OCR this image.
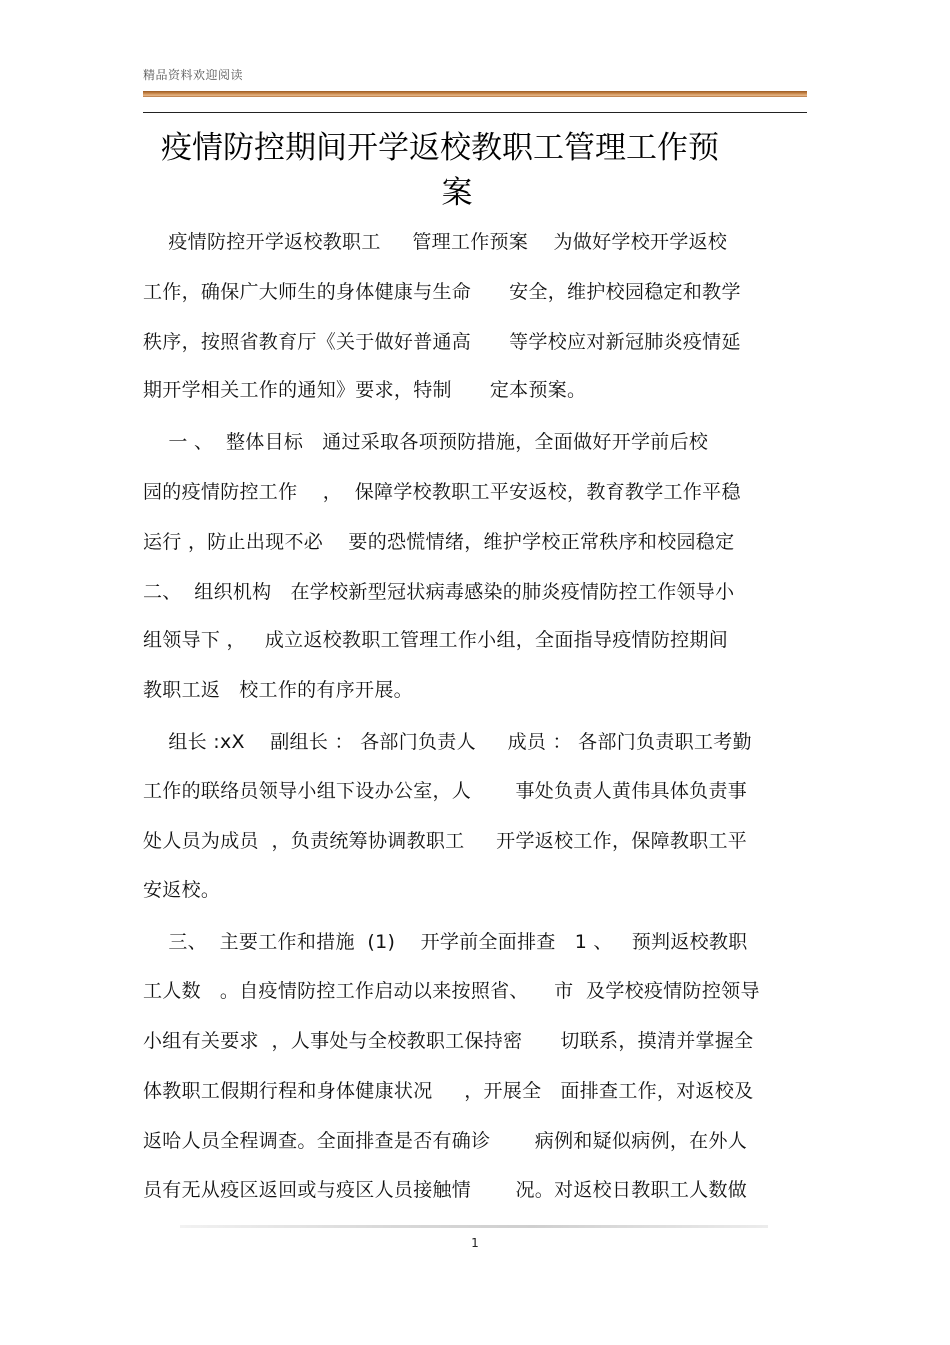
精品资料欢迎阅读
疫情防控期间开学返校教职工管理工作预
案
疫情防控开学返校教职工     管理工作预案    为做好学校开学返校
工作，确保广大师生的身体健康与生命      安全，维护校园稳定和教学
秩序，按照省教育厅《关于做好普通高      等学校应对新冠肺炎疫情延
期开学相关工作的通知》要求，特制      定本预案。
一 、  整体目标   通过采取各项预防措施，全面做好开学前后校
园的疫情防控工作    ，  保障学校教职工平安返校，教育教学工作平稳
运行 ，防止出现不必    要的恐慌情绪，维护学校正常秩序和校园稳定
二、  组织机构   在学校新型冠状病毒感染的肺炎疫情防控工作领导小
组领导下 ，   成立返校教职工管理工作小组，全面指导疫情防控期间
教职工返   校工作的有序开展。
组长 :xX    副组长 ： 各部门负责人     成员 ： 各部门负责职工考勤
工作的联络员领导小组下设办公室，人       事处负责人黄伟具体负责事
处人员为成员  ，负责统筹协调教职工     开学返校工作，保障教职工平
安返校。
三、  主要工作和措施  (1)    开学前全面排查   1 、   预判返校教职
工人数   。自疫情防控工作启动以来按照省、    市  及学校疫情防控领导
小组有关要求  ，人事处与全校教职工保持密      切联系，摸清并掌握全
体教职工假期行程和身体健康状况     ，开展全   面排查工作，对返校及
返哈人员全程调查。全面排查是否有确诊       病例和疑似病例，在外人
员有无从疫区返回或与疫区人员接触情       况。对返校日教职工人数做
1
